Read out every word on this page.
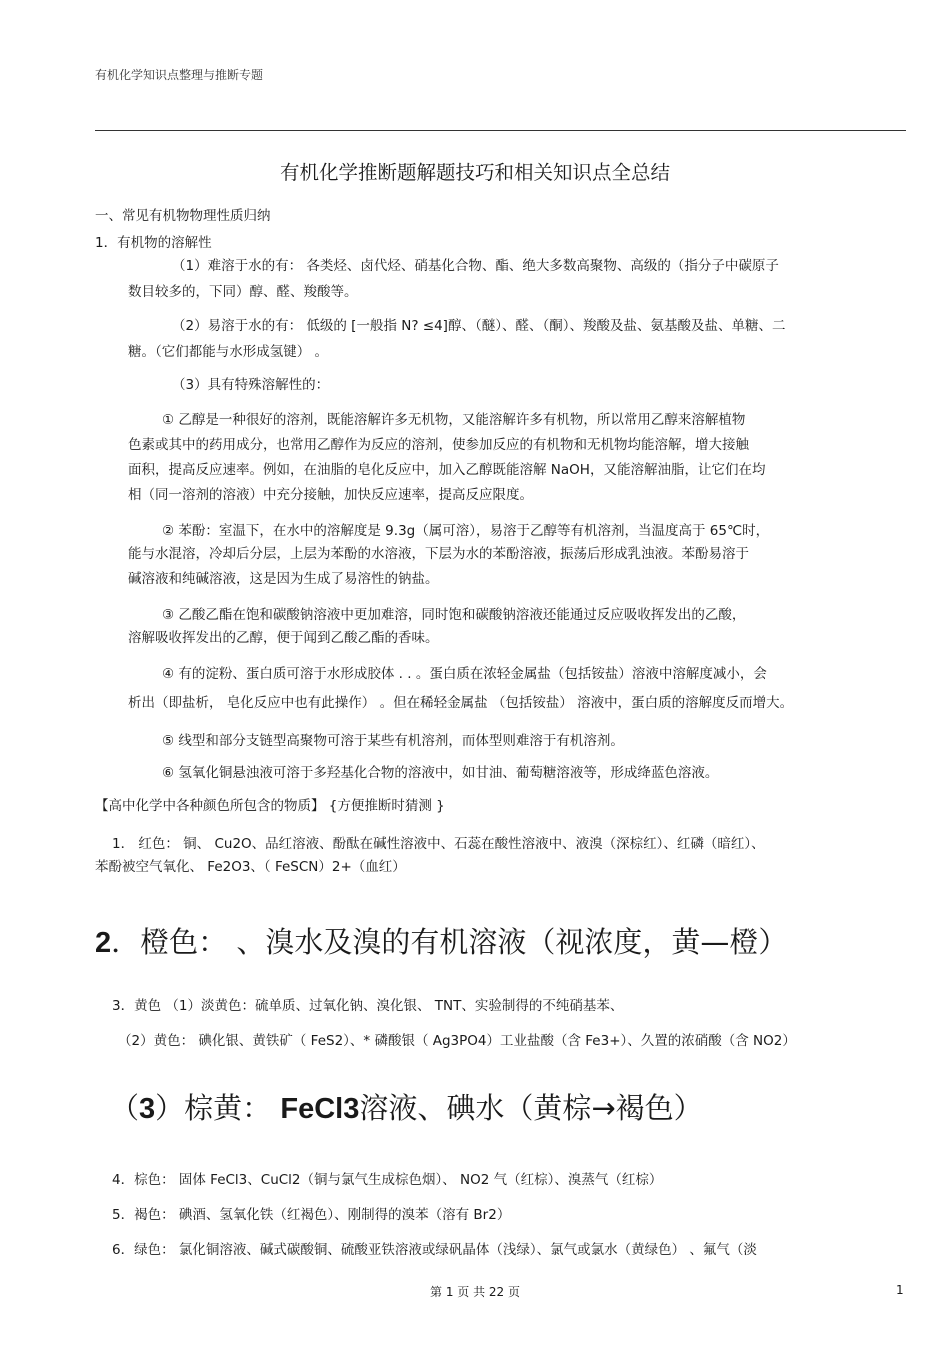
有机化学知识点整理与推断专题
有机化学推断题解题技巧和相关知识点全总结
一、常见有机物物理性质归纳
1．有机物的溶解性
（1）难溶于水的有： 各类烃、卤代烃、硝基化合物、酯、绝大多数高聚物、高级的（指分子中碳原子
数目较多的，下同）醇、醛、羧酸等。
（2）易溶于水的有： 低级的 [一般指 N? ≤4]醇、（醚）、醛、（酮）、羧酸及盐、氨基酸及盐、单糖、二
糖。（它们都能与水形成氢键） 。
（3）具有特殊溶解性的：
① 乙醇是一种很好的溶剂，既能溶解许多无机物，又能溶解许多有机物，所以常用乙醇来溶解植物
色素或其中的药用成分，也常用乙醇作为反应的溶剂，使参加反应的有机物和无机物均能溶解，增大接触
面积，提高反应速率。例如，在油脂的皂化反应中，加入乙醇既能溶解 NaOH，又能溶解油脂，让它们在均
相（同一溶剂的溶液）中充分接触，加快反应速率，提高反应限度。
② 苯酚：室温下，在水中的溶解度是 9.3g（属可溶），易溶于乙醇等有机溶剂，当温度高于 65℃时，
能与水混溶，冷却后分层，上层为苯酚的水溶液，下层为水的苯酚溶液，振荡后形成乳浊液。苯酚易溶于
碱溶液和纯碱溶液，这是因为生成了易溶性的钠盐。
③ 乙酸乙酯在饱和碳酸钠溶液中更加难溶，同时饱和碳酸钠溶液还能通过反应吸收挥发出的乙酸，
溶解吸收挥发出的乙醇，便于闻到乙酸乙酯的香味。
④ 有的淀粉、蛋白质可溶于水形成胶体 . . 。蛋白质在浓轻金属盐（包括铵盐）溶液中溶解度减小，会
析出（即盐析， 皂化反应中也有此操作） 。但在稀轻金属盐 （包括铵盐） 溶液中，蛋白质的溶解度反而增大。
⑤ 线型和部分支链型高聚物可溶于某些有机溶剂，而体型则难溶于有机溶剂。
⑥ 氢氧化铜悬浊液可溶于多羟基化合物的溶液中，如甘油、葡萄糖溶液等，形成绛蓝色溶液。
【高中化学中各种颜色所包含的物质】 {方便推断时猜测 }
1． 红色： 铜、 Cu2O、品红溶液、酚酞在碱性溶液中、石蕊在酸性溶液中、液溴（深棕红）、红磷（暗红）、
苯酚被空气氧化、 Fe2O3、（ FeSCN）2+（血红）
2．橙色： 、溴水及溴的有机溶液（视浓度，黄—橙）
3．黄色 （1）淡黄色：硫单质、过氧化钠、溴化银、 TNT、实验制得的不纯硝基苯、
（2）黄色： 碘化银、黄铁矿（ FeS2）、* 磷酸银（ Ag3PO4）工业盐酸（含 Fe3+）、久置的浓硝酸（含 NO2）
（3）棕黄： FeCl3溶液、碘水（黄棕→褐色）
4．棕色： 固体 FeCl3、CuCl2（铜与氯气生成棕色烟）、 NO2 气（红棕）、溴蒸气（红棕）
5．褐色： 碘酒、氢氧化铁（红褐色）、刚制得的溴苯（溶有 Br2）
6．绿色： 氯化铜溶液、碱式碳酸铜、硫酸亚铁溶液或绿矾晶体（浅绿）、氯气或氯水（黄绿色） 、氟气（淡
第 1 页 共 22 页	1
